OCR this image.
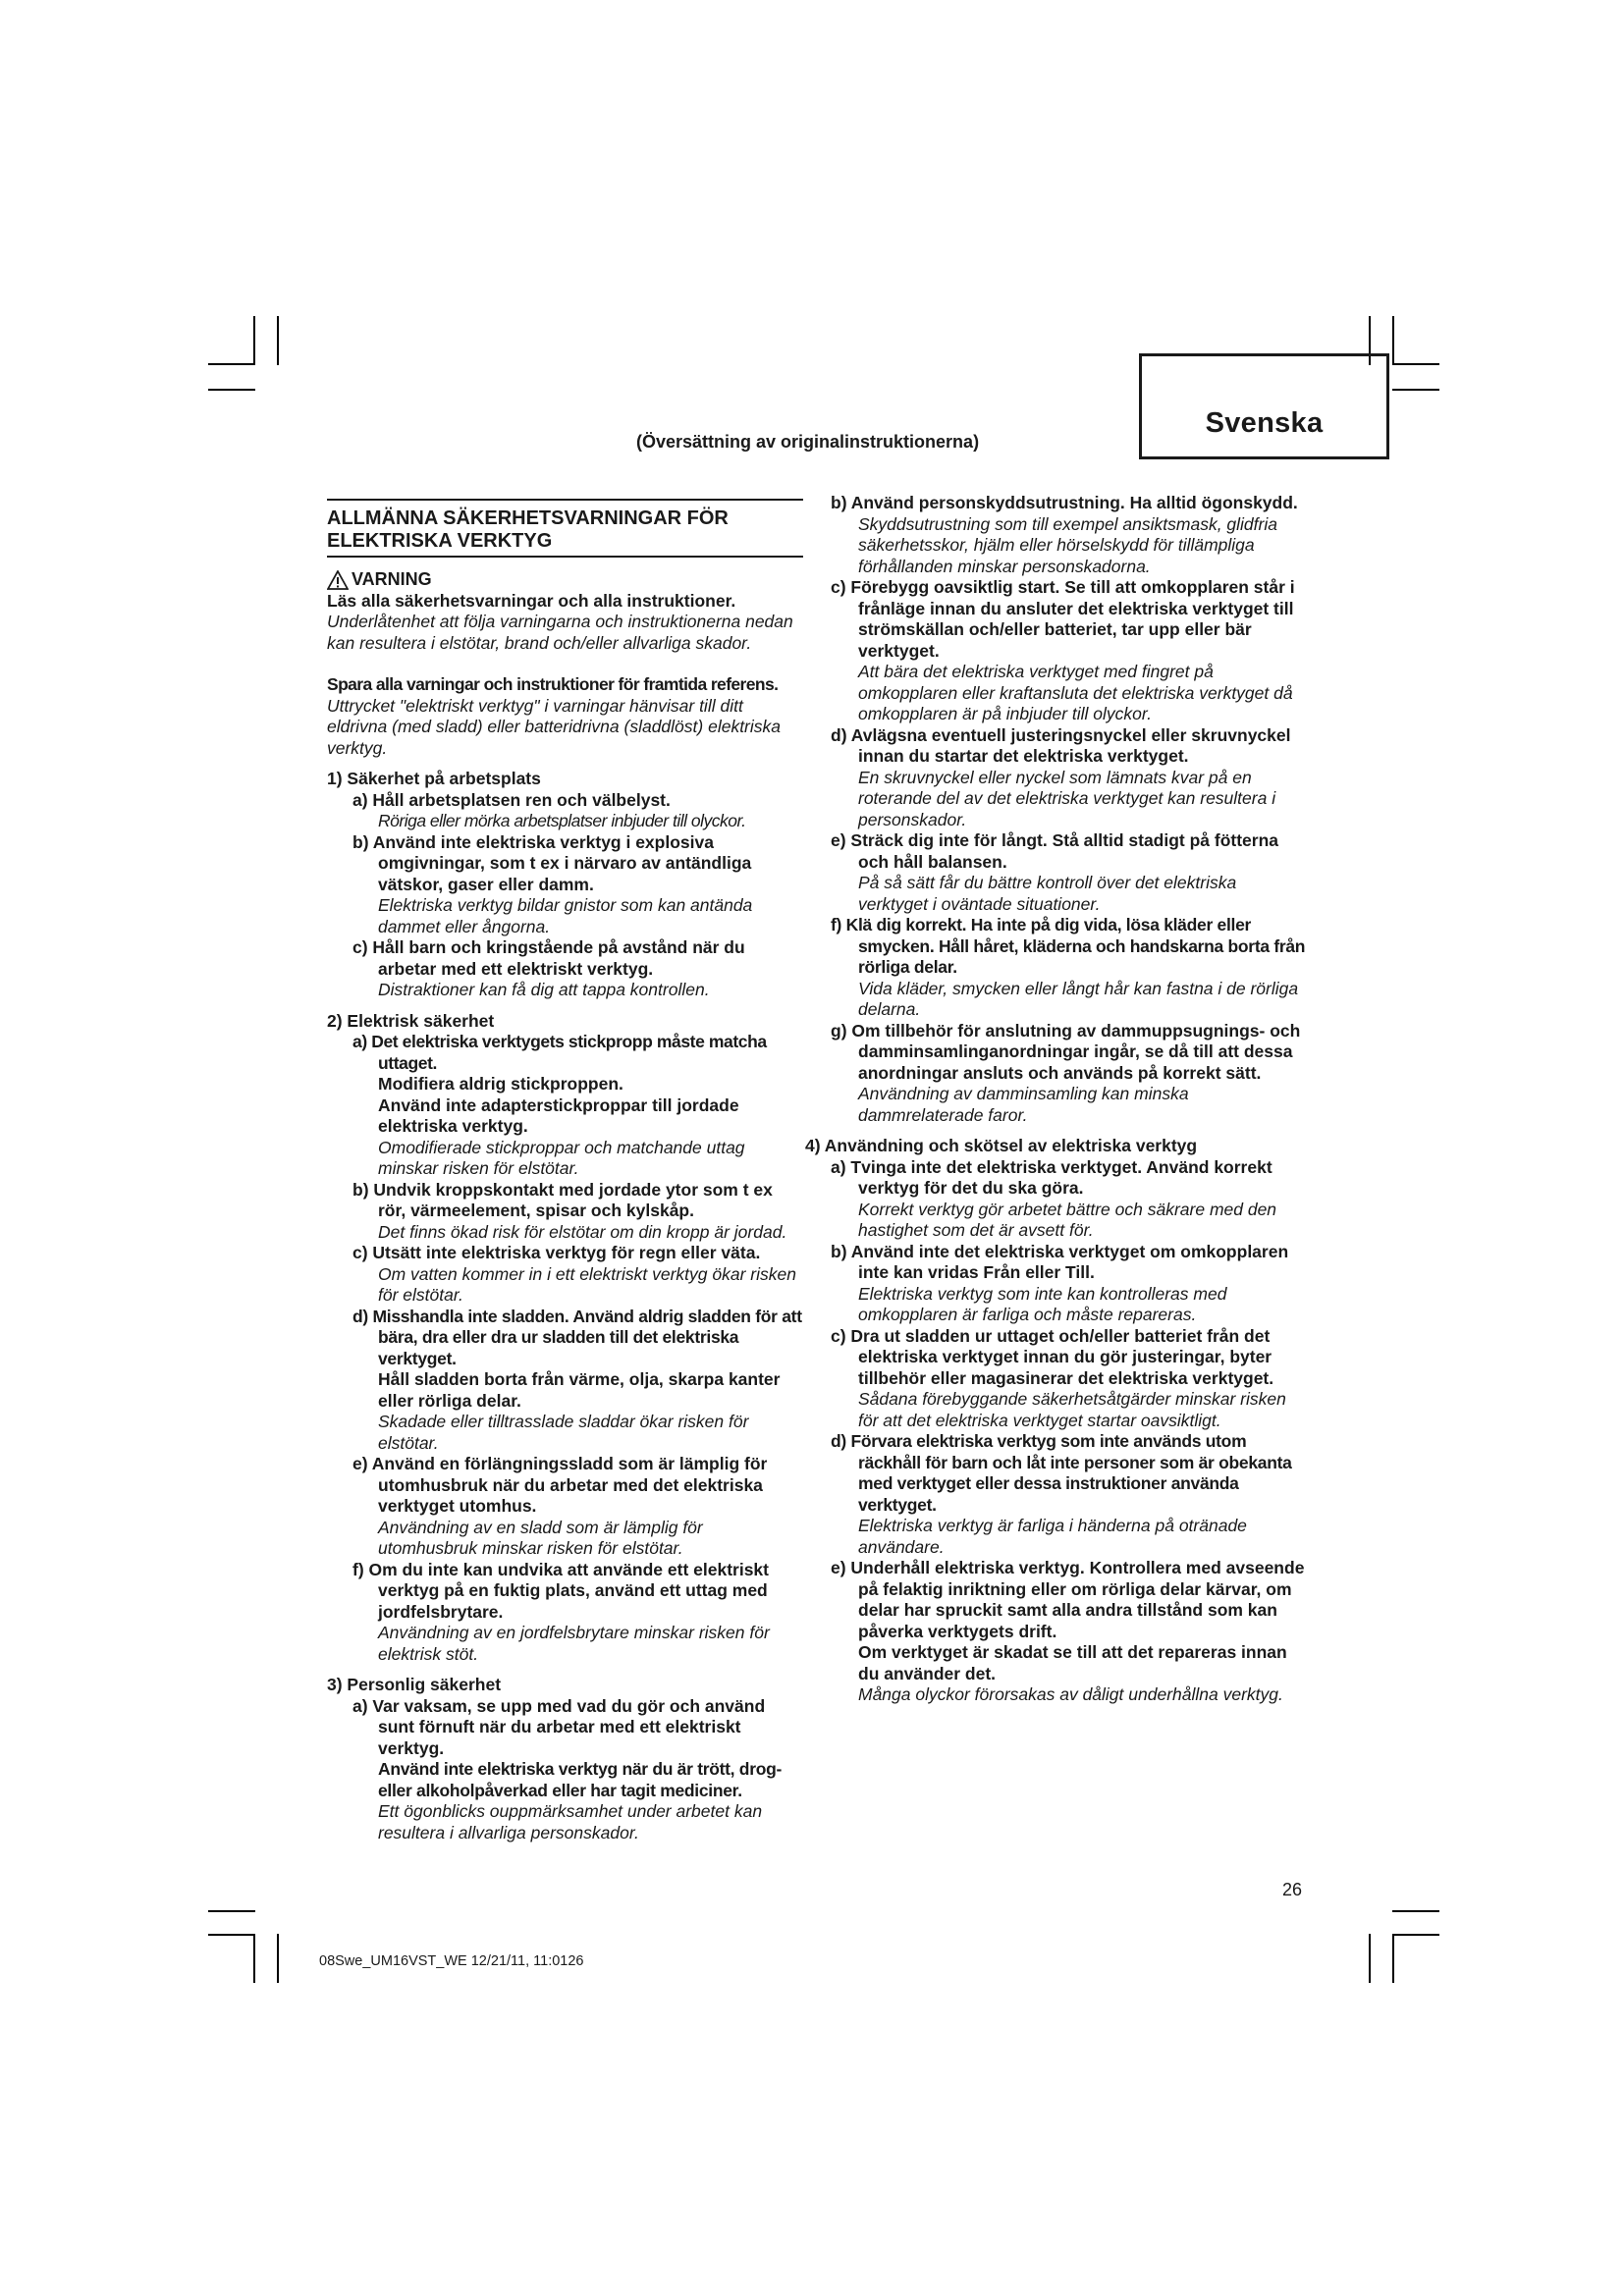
Svenska
(Översättning av originalinstruktionerna)
ALLMÄNNA SÄKERHETSVARNINGAR FÖR
ELEKTRISKA VERKTYG
VARNING

Läs alla säkerhetsvarningar och alla instruktioner.

Underlåtenhet att följa varningarna och instruktionerna nedan kan resultera i elstötar, brand och/eller allvarliga skador.

Spara alla varningar och instruktioner för framtida referens.

Uttrycket "elektriskt verktyg" i varningar hänvisar till ditt eldrivna (med sladd) eller batteridrivna (sladdlöst) elektriska verktyg.

1) Säkerhet på arbetsplats

a) Håll arbetsplatsen ren och välbelyst.

Röriga eller mörka arbetsplatser inbjuder till olyckor.

b) Använd inte elektriska verktyg i explosiva omgivningar, som t ex i närvaro av antändliga vätskor, gaser eller damm.

Elektriska verktyg bildar gnistor som kan antända dammet eller ångorna.

c) Håll barn och kringstående på avstånd när du arbetar med ett elektriskt verktyg.

Distraktioner kan få dig att tappa kontrollen.

2) Elektrisk säkerhet

a) Det elektriska verktygets stickpropp måste matcha uttaget.

Modifiera aldrig stickproppen.

Använd inte adapterstickproppar till jordade elektriska verktyg.

Omodifierade stickproppar och matchande uttag minskar risken för elstötar.

b) Undvik kroppskontakt med jordade ytor som t ex rör, värmeelement, spisar och kylskåp.

Det finns ökad risk för elstötar om din kropp är jordad.

c) Utsätt inte elektriska verktyg för regn eller väta.

Om vatten kommer in i ett elektriskt verktyg ökar risken för elstötar.

d) Misshandla inte sladden. Använd aldrig sladden för att bära, dra eller dra ur sladden till det elektriska verktyget.

Håll sladden borta från värme, olja, skarpa kanter eller rörliga delar.

Skadade eller tilltrasslade sladdar ökar risken för elstötar.

e) Använd en förlängningssladd som är lämplig för utomhusbruk när du arbetar med det elektriska verktyget utomhus.

Användning av en sladd som är lämplig för utomhusbruk minskar risken för elstötar.

f) Om du inte kan undvika att använde ett elektriskt verktyg på en fuktig plats, använd ett uttag med jordfelsbrytare.

Användning av en jordfelsbrytare minskar risken för elektrisk stöt.

3) Personlig säkerhet

a) Var vaksam, se upp med vad du gör och använd sunt förnuft när du arbetar med ett elektriskt verktyg.

Använd inte elektriska verktyg när du är trött, drog- eller alkoholpåverkad eller har tagit mediciner.

Ett ögonblicks ouppmärksamhet under arbetet kan resultera i allvarliga personskador.

b) Använd personskyddsutrustning. Ha alltid ögonskydd.

Skyddsutrustning som till exempel ansiktsmask, glidfria säkerhetsskor, hjälm eller hörselskydd för tillämpliga förhållanden minskar personskadorna.

c) Förebygg oavsiktlig start. Se till att omkopplaren står i frånläge innan du ansluter det elektriska verktyget till strömskällan och/eller batteriet, tar upp eller bär verktyget.

Att bära det elektriska verktyget med fingret på omkopplaren eller kraftansluta det elektriska verktyget då omkopplaren är på inbjuder till olyckor.

d) Avlägsna eventuell justeringsnyckel eller skruvnyckel innan du startar det elektriska verktyget.

En skruvnyckel eller nyckel som lämnats kvar på en roterande del av det elektriska verktyget kan resultera i personskador.

e) Sträck dig inte för långt. Stå alltid stadigt på fötterna och håll balansen.

På så sätt får du bättre kontroll över det elektriska verktyget i oväntade situationer.

f) Klä dig korrekt. Ha inte på dig vida, lösa kläder eller smycken. Håll håret, kläderna och handskarna borta från rörliga delar.

Vida kläder, smycken eller långt hår kan fastna i de rörliga delarna.

g) Om tillbehör för anslutning av dammuppsugnings- och damminsamlinganordningar ingår, se då till att dessa anordningar ansluts och används på korrekt sätt.

Användning av damminsamling kan minska dammrelaterade faror.

4) Användning och skötsel av elektriska verktyg

a) Tvinga inte det elektriska verktyget. Använd korrekt verktyg för det du ska göra.

Korrekt verktyg gör arbetet bättre och säkrare med den hastighet som det är avsett för.

b) Använd inte det elektriska verktyget om omkopplaren inte kan vridas Från eller Till.

Elektriska verktyg som inte kan kontrolleras med omkopplaren är farliga och måste repareras.

c) Dra ut sladden ur uttaget och/eller batteriet från det elektriska verktyget innan du gör justeringar, byter tillbehör eller magasinerar det elektriska verktyget.

Sådana förebyggande säkerhetsåtgärder minskar risken för att det elektriska verktyget startar oavsiktligt.

d) Förvara elektriska verktyg som inte används utom räckhåll för barn och låt inte personer som är obekanta med verktyget eller dessa instruktioner använda verktyget.

Elektriska verktyg är farliga i händerna på otränade användare.

e) Underhåll elektriska verktyg. Kontrollera med avseende på felaktig inriktning eller om rörliga delar kärvar, om delar har spruckit samt alla andra tillstånd som kan påverka verktygets drift.

Om verktyget är skadat se till att det repareras innan du använder det.

Många olyckor förorsakas av dåligt underhållna verktyg.

26
08Swe_UM16VST_WE 12/21/11, 11:0126
